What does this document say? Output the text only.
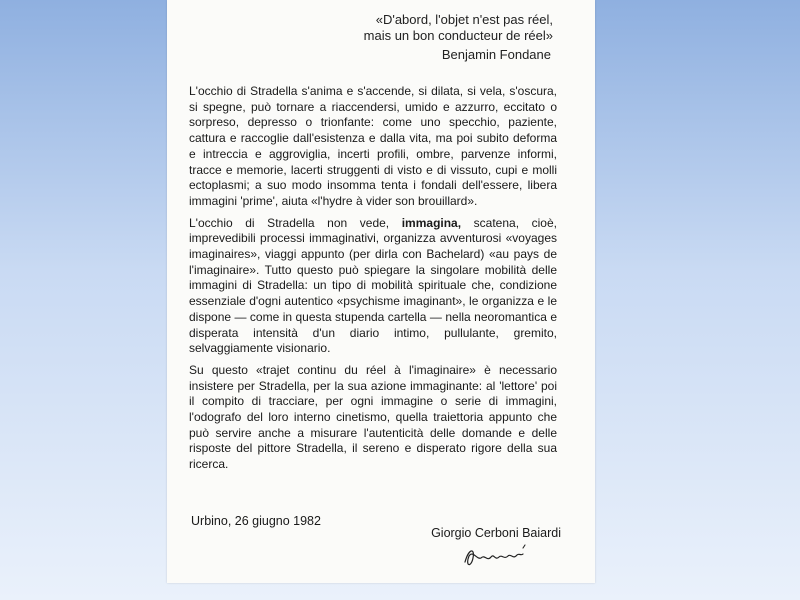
«D'abord, l'objet n'est pas réel,
mais un bon conducteur de réel»
Benjamin Fondane

L'occhio di Stradella s'anima e s'accende, si dilata, si vela, s'oscura, si spegne, può tornare a riaccendersi, umido e azzurro, eccitato o sorpreso, depresso o trionfante: come uno specchio, paziente, cattura e raccoglie dall'esistenza e dalla vita, ma poi subito deforma e intreccia e aggroviglia, incerti profili, ombre, parvenze informi, tracce e memorie, lacerti struggenti di visto e di vissuto, cupi e molli ectoplasmi; a suo modo insomma tenta i fondali dell'essere, libera immagini 'prime', aiuta «l'hydre à vider son brouillard».

L'occhio di Stradella non vede, immagina, scatena, cioè, imprevedibili processi immaginativi, organizza avventurosi «voyages imaginaires», viaggi appunto (per dirla con Bachelard) «au pays de l'imaginaire». Tutto questo può spiegare la singolare mobilità delle immagini di Stradella: un tipo di mobilità spirituale che, condizione essenziale d'ogni autentico «psychisme imaginant», le organizza e le dispone — come in questa stupenda cartella — nella neoromantica e disperata intensità d'un diario intimo, pullulante, gremito, selvaggiamente visionario.

Su questo «trajet continu du réel à l'imaginaire» è necessario insistere per Stradella, per la sua azione immaginante: al 'lettore' poi il compito di tracciare, per ogni immagine o serie di immagini, l'odografo del loro interno cinetismo, quella traiettoria appunto che può servire anche a misurare l'autenticità delle domande e delle risposte del pittore Stradella, il sereno e disperato rigore della sua ricerca.

Urbino, 26 giugno 1982
Giorgio Cerboni Baiardi
